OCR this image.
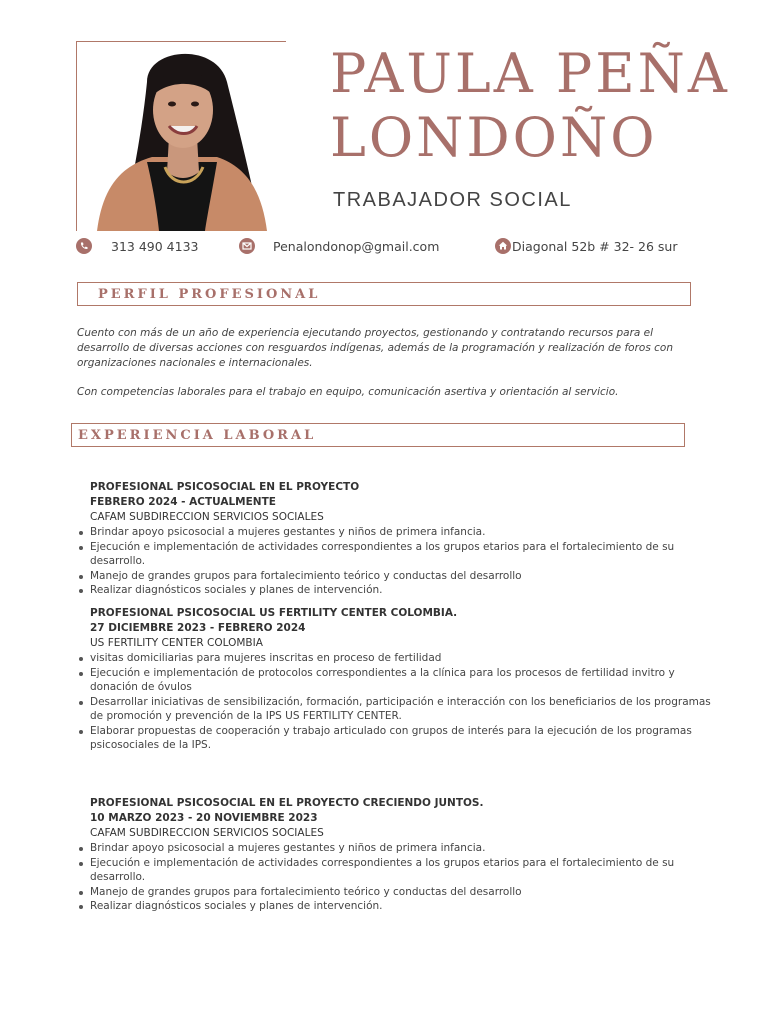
PAULA PEÑA
LONDOÑO
TRABAJADOR SOCIAL
313 490 4133	Penalondonop@gmail.com	Diagonal 52b # 32- 26 sur
PERFIL PROFESIONAL

Cuento con más de un año de experiencia ejecutando proyectos, gestionando y contratando recursos para el desarrollo de diversas acciones con resguardos indígenas, además de la programación y realización de foros con organizaciones nacionales e internacionales.

Con competencias laborales para el trabajo en equipo, comunicación asertiva y orientación al servicio.

EXPERIENCIA LABORAL
PROFESIONAL PSICOSOCIAL EN EL PROYECTO
FEBRERO 2024 - ACTUALMENTE
CAFAM SUBDIRECCION SERVICIOS SOCIALES
Brindar apoyo psicosocial a mujeres gestantes y niños de primera infancia.
Ejecución e implementación de actividades correspondientes a los grupos etarios para el fortalecimiento de su desarrollo.
Manejo de grandes grupos para fortalecimiento teórico y conductas del desarrollo
Realizar diagnósticos sociales y planes de intervención.
PROFESIONAL PSICOSOCIAL US FERTILITY CENTER COLOMBIA.
27 DICIEMBRE 2023 - FEBRERO 2024
US FERTILITY CENTER COLOMBIA
visitas domiciliarias para mujeres inscritas en proceso de fertilidad
Ejecución e implementación de protocolos correspondientes a la clínica para los procesos de fertilidad invitro y donación de óvulos
Desarrollar iniciativas de sensibilización, formación, participación e interacción con los beneficiarios de los programas de promoción y prevención de la IPS US FERTILITY CENTER.
Elaborar propuestas de cooperación y trabajo articulado con grupos de interés para la ejecución de los programas psicosociales de la IPS.
PROFESIONAL PSICOSOCIAL EN EL PROYECTO CRECIENDO JUNTOS.
10 MARZO 2023 - 20 NOVIEMBRE 2023
CAFAM SUBDIRECCION SERVICIOS SOCIALES
Brindar apoyo psicosocial a mujeres gestantes y niños de primera infancia.
Ejecución e implementación de actividades correspondientes a los grupos etarios para el fortalecimiento de su desarrollo.
Manejo de grandes grupos para fortalecimiento teórico y conductas del desarrollo
Realizar diagnósticos sociales y planes de intervención.
